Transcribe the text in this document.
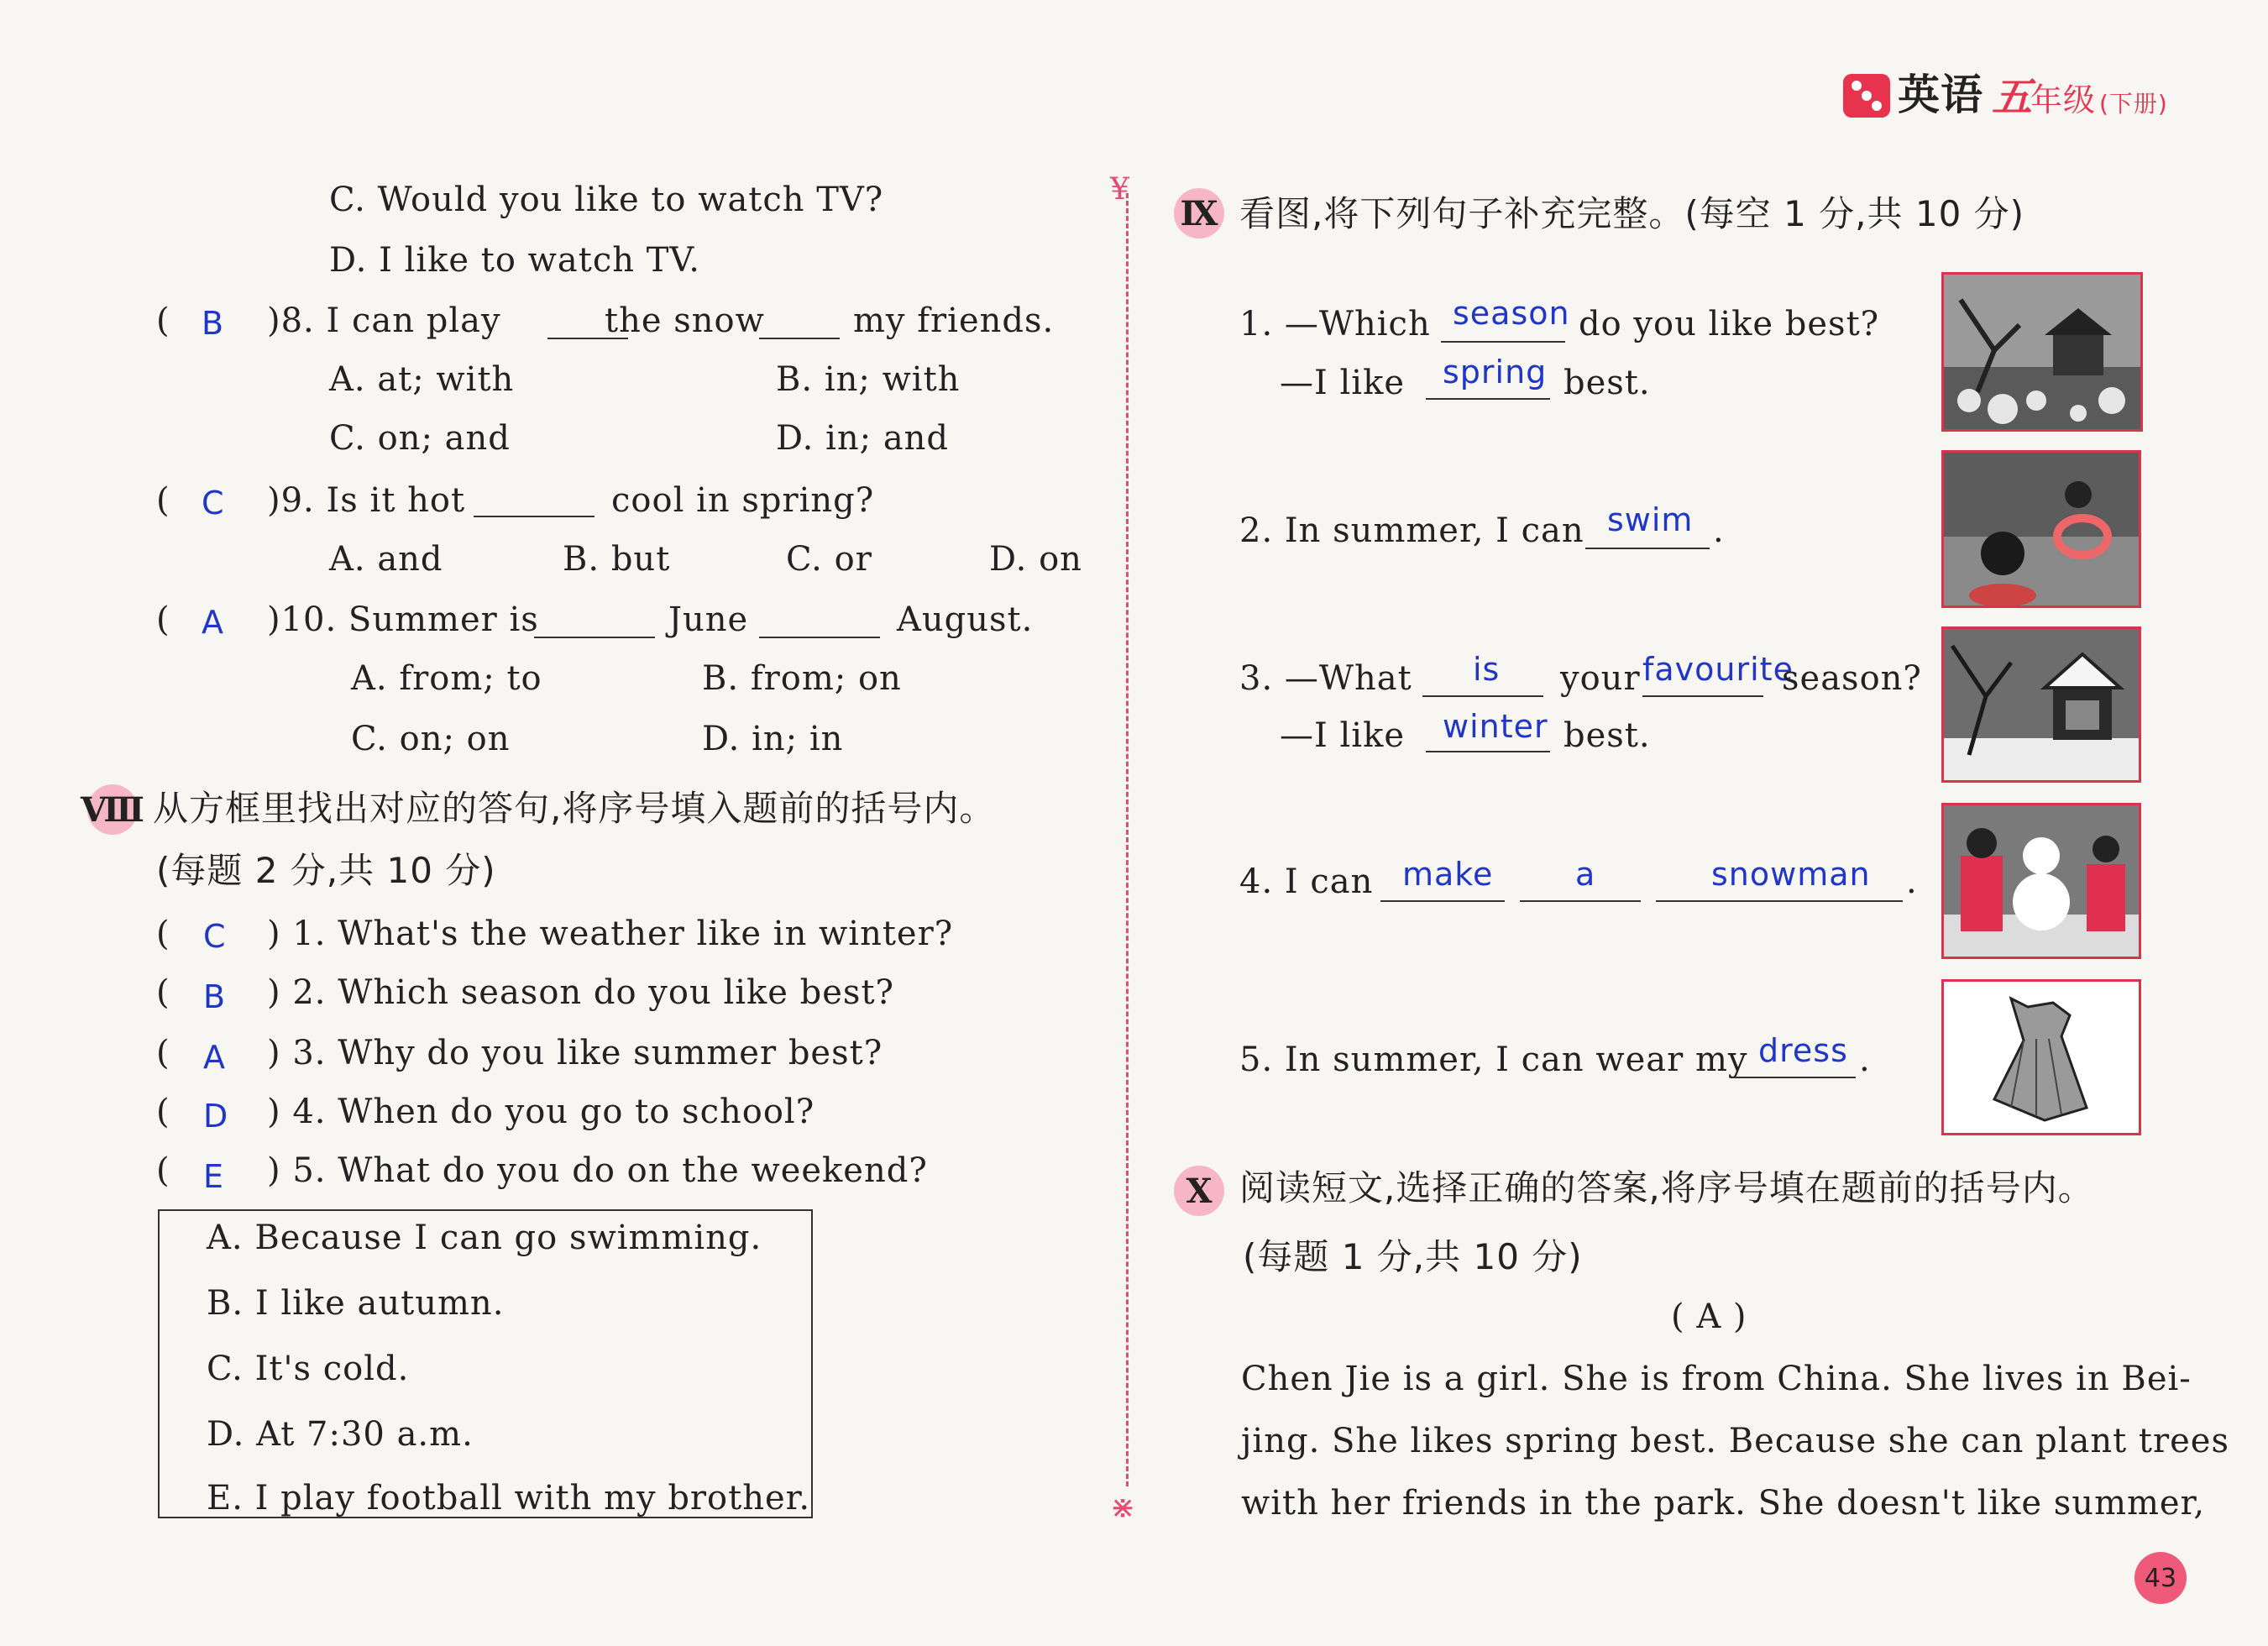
英语 五
年级 (下册)
¥
⋇
C. Would you like to watch TV?
D. I like to watch TV.
( B )8. I can play	the snow	my friends.
A. at; with	B. in; with
C. on; and	D. in; and
( C )9. Is it hot	cool in spring?
A. and	B. but	C. or	D. on
( A )10. Summer is	June	August.
A. from; to	B. from; on
C. on; on	D. in; in
Ⅷ 从方框里找出对应的答句,将序号填入题前的括号内。
(每题 2 分,共 10 分)
( C ) 1. What's the weather like in winter?
( B ) 2. Which season do you like best?
( A ) 3. Why do you like summer best?
( D ) 4. When do you go to school?
( E ) 5. What do you do on the weekend?
A. Because I can go swimming.
B. I like autumn.
C. It's cold.
D. At 7:30 a.m.
E. I play football with my brother.
Ⅸ 看图,将下列句子补充完整。(每空 1 分,共 10 分)
1. —Which season do you like best?
—I like spring best.
2. In summer, I can swim .
3. —What is your favourite
season?
—I like winter best.
4. I can make	a	snowman .
5. In summer, I can wear my dress .
Ⅹ 阅读短文,选择正确的答案,将序号填在题前的括号内。
(每题 1 分,共 10 分)
( A )
Chen Jie is a girl. She is from China. She lives in Bei-
jing. She likes spring best. Because she can plant trees
with her friends in the park. She doesn't like summer,
43
